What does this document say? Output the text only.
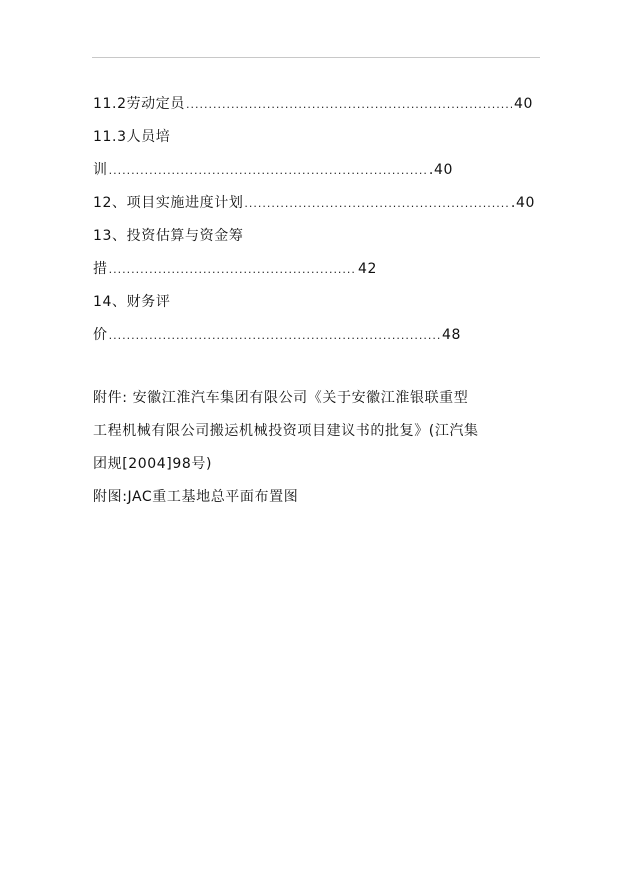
11.2劳动定员 .....	40
11.3人员培
训 .....	.40
12、项目实施进度计划 .....	.40
13、投资估算与资金筹
措 .....	42
14、财务评
价 .....	48
附件: 安徽江淮汽车集团有限公司《关于安徽江淮银联重型
工程机械有限公司搬运机械投资项目建议书的批复》(江汽集
团规[2004]98号)
附图:JAC重工基地总平面布置图
